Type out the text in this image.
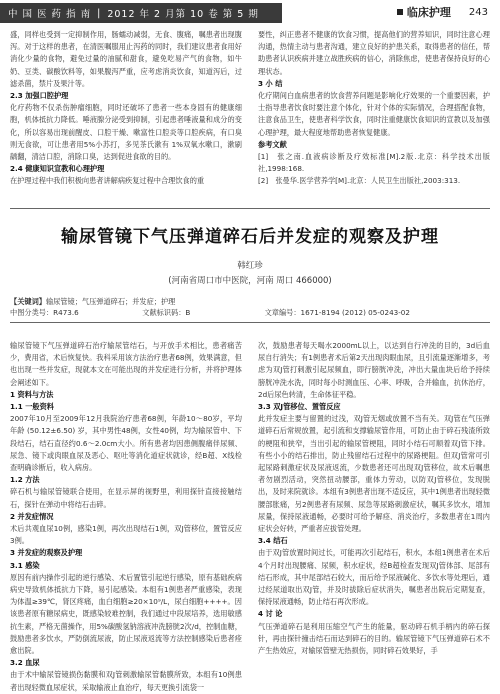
中 国 医 药 指 南 | 2012 年 2 月第 10 卷 第 5 期	临床护理 243

盛，同样也受到一定抑制作用，肠蠕动减弱，无食、腹痛，嘱患者出现腹泻。对于这样的患者，在清医嘱服用止泻药的同时，我们建议患者食用好消化少量的食物，避免过量的油腻和甜食，避免吃易产气的食物，如牛奶、豆类、碳酸饮料等，如果腹泻严重，应考虑消炎饮食，知道泻后，过滤杀菌，禁片及果汁等。

2.3 加强口腔护理

化疗药物不仅杀伤肿瘤细胞，同时还破坏了患者一些本身固有的健康细胞，机体抵抗力降低。唾液腺分泌受到抑制，引起患者唾液量和成分的变化，所以容易出现前醒皮、口腔干燥、嗽富性口腔炎等口腔疾病，有口臭则无食欲，可让患者用5%小苏打，多见茶氏漱有 1%双氧水嗽口，漱刷龋翻，清洁口腔，消除口臭，达到促进食欲的目的。

2.4 健康知识宣教和心理护理

在护理过程中我们积极向患者讲解病疾复过程中合理饮食的重

要性，纠正患者不健康的饮食习惯，提高他们的营养知识，同时注意心理沟通，热情主动与患者沟通，建立良好的护患关系，取得患者的信任，帮助患者认识疾病并建立战胜疾病的信心，消除焦虑，使患者保持良好的心理状态。

3 小 结

化疗期间白血病患者的饮食营养问题是影响化疗效果的一个重要因素，护士指导患者饮食时要注意个体化，针对个体的实际情况，合理搭配食物，注意食品卫生，使患者科学饮食，同时注重健康饮食知识的宣教以及加强心理护理，最大程度地帮助患者恢复健康。

参考文献

[1]　张之南.血液病诊断及疗效标准[M].2版.北京：科学技术出版社,1998:168.

[2]　张曼华.医学营养学[M].北京：人民卫生出版社,2003:313.

输尿管镜下气压弹道碎石后并发症的观察及护理
韩红珍
(河南省周口市中医院，河南 周口 466000)
【关键词】输尿管镜；气压弹道碎石；并发症；护理
中图分类号：R473.6	文献标识码：B	文章编号：1671-8194 (2012) 05-0243-02

输尿管镜下气压弹道碎石治疗输尿管结石，与开放手术相比，患者痛苦少，费用省，术后恢复快。我科采用该方法治疗患者68例，效果满意，但也出现一些并发症，现就本文在可能出现的并发症进行分析，并将护理体会阐述如下。

1 资料与方法

1.1 一般资料

2007年10月至2009年12月我院治疗患者68例，年龄10～80岁，平均年龄 (50.12±6.50) 岁，其中男性48例，女性40例，均为输尿管中、下段结石，结石直径约0.6～2.0cm大小。所有患者均因患侧腹痛伴尿频、尿急、镜下或肉眼血尿及恶心、呕吐等消化道症状就诊，经B超、X线检查明确诊断后，收入病房。

1.2 方法

碎石机与输尿管镜联合使用，在显示屏的视野里，利用探针直接接触结石，探针在弹动中将结石击碎。

2 并发症情况

术后共观血尿10例，感染1例，再次出现结石1例，双J管移位，置管反应3例。

3 并发症的观察及护理

3.1 感染

原因有前内操作引起的逆行感染、术后置管引起逆行感染，原有基础疾病病史导致机体抵抗力下降，易引起感染。本组有1例患者严重感染，表现为体温≥39℃，肾区疼痛，血白细胞≥20×10⁹/L，尿白细胞++++。因该患者原有糖尿病史，既感染较难控制，我们通过中段尿培养，选用敏感抗生素，严格无菌操作，用5%碳酸氢钠溶液冲洗膀胱2次/d，控制血糖，鼓励患者多饮水，严防倒流尿液，防止尿液返流等方法控制感染后患者痊愈出院。

3.2 血尿

由于术中输尿管镜损伤黏膜和双J管刺激输尿管黏膜所致，本组有10例患者出现轻微血尿症状，采取输液止血治疗，每天更换引流袋一

次，鼓励患者每天喝水2000mL以上，以达到自行冲洗的目的，3d后血尿自行消失；有1例患者术后第2天出现肉眼血尿，且引流量逐渐增多，考虑为双J管打刺激引起尿频血，即行膀胱冲洗，冲出大量血块后给予持续膀胱冲洗水洗，同时每小时测血压、心率、呼吸，合并输血，抗休治疗，2d后尿色转清，生命体征平稳。

3.3 双J管移位、置管反应

此并发症主要与留置的过浅，双J管无烟或放置不当有关。双J管在气压弹道碎石后常规放置，起引流和支撑输尿管作用，可防止由于碎石残渣所致的梗阻和狭窄，当出引起的输尿管梗阻，同时小结石可顺着双J管下排。有些小小的结石排出，防止残留结石过程中的尿路梗阻。但双J管常可引起尿路刺激症状及尿液返流，少数患者还可出现双J管移位，故术后嘱患者勿剧烈活动，突然扭动腰部，重体力劳动，以防双J管移位，发现脱出，及时来院就诊。本组有3例患者出现不适反应，其中1例患者出现轻微腰部胀痛，另2例患者有尿频、尿急等尿路刺激症状，嘱其多饮水，增加尿量，保持尿液通畅，必要时可给予解痉、消炎治疗，多数患者在1周内症状会好转，严重者应拔管处理。

3.4 结石

由于双J管放置时间过长，可能再次引起结石，积水，本组1例患者在术后4个月时出现腰痛、尿频，积水症状，经B超检查发现双J管体部、尾部有结石形成，其中尾部结石较大，而后给予尿液碱化、多饮水等处理后，通过经尿道取出双J管，并及时拔除后症状消失，嘱患者出院后定期复查，保持尿液通畅，防止结石再次形成。

4 讨 论

气压弹道碎石是利用压缩空气产生的能量，驱动碎石机手柄内的碎石探针，再由探针撞击结石而达到碎石的目的。输尿管镜下气压弹道碎石术不产生热效应，对输尿管壁无热损伤，同时碎石效果好，手
